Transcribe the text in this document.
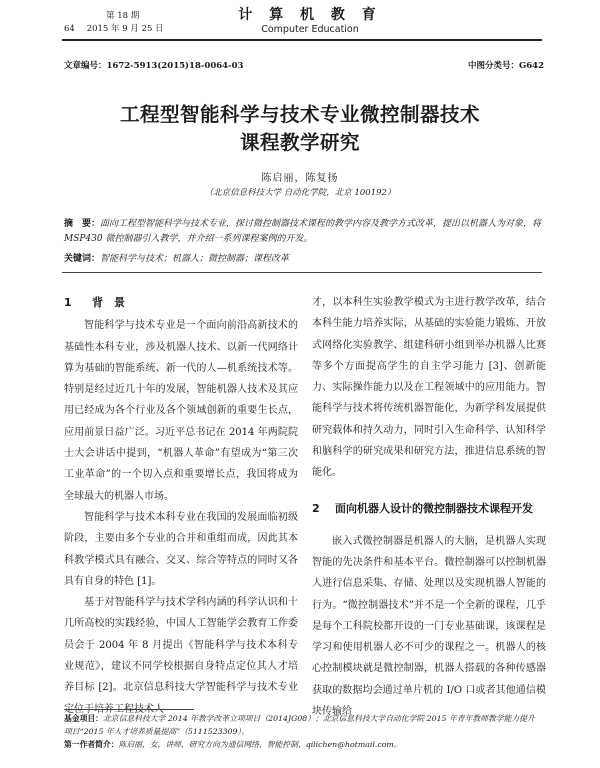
第 18 期
64 2015 年 9 月 25 日
计 算 机 教 育
Computer Education
文章编号：1672-5913(2015)18-0064-03	中图分类号：G642
工程型智能科学与技术专业微控制器技术
课程教学研究
陈启丽，陈复扬
（北京信息科技大学 自动化学院，北京 100192）
摘　要：面向工程型智能科学与技术专业，探讨微控制器技术课程的教学内容及教学方式改革，提出以机器人为对象，将 MSP430 微控制器引入教学，并介绍一系列课程案例的开发。
关键词：智能科学与技术；机器人；微控制器；课程改革
1 背　景

智能科学与技术专业是一个面向前沿高新技术的基础性本科专业，涉及机器人技术、以新一代网络计算为基础的智能系统、新一代的人—机系统技术等。特别是经过近几十年的发展，智能机器人技术及其应用已经成为各个行业及各个领域创新的重要生长点，应用前景日益广泛。习近平总书记在 2014 年两院院士大会讲话中提到，“机器人革命”有望成为“第三次工业革命”的一个切入点和重要增长点，我国将成为全球最大的机器人市场。

智能科学与技术本科专业在我国的发展面临初级阶段，主要由多个专业的合并和重组而成，因此其本科教学模式具有融合、交叉、综合等特点的同时又各具有自身的特色 [1]。

基于对智能科学与技术学科内涵的科学认识和十几所高校的实践经验，中国人工智能学会教育工作委员会于 2004 年 8 月提出《智能科学与技术本科专业规范》，建议不同学校根据自身特点定位其人才培养目标 [2]。北京信息科技大学智能科学与技术专业定位于培养工程技术人

才，以本科生实验教学模式为主进行教学改革，结合本科生能力培养实际，从基础的实验能力锻炼、开放式网络化实验教学、组建科研小组到举办机器人比赛等多个方面提高学生的自主学习能力 [3]、创新能力、实际操作能力以及在工程领域中的应用能力。智能科学与技术将传统机器智能化，为新学科发展提供研究载体和持久动力，同时引入生命科学、认知科学和脑科学的研究成果和研究方法，推进信息系统的智能化。

2 面向机器人设计的微控制器技术课程开发

嵌入式微控制器是机器人的大脑，是机器人实现智能的先决条件和基本平台。微控制器可以控制机器人进行信息采集、存储、处理以及实现机器人智能的行为。“微控制器技术”并不是一个全新的课程，几乎是每个工科院校都开设的一门专业基础课，该课程是学习和使用机器人必不可少的课程之一。机器人的核心控制模块就是微控制器，机器人搭载的各种传感器获取的数据均会通过单片机的 I/O 口或者其他通信模块传输给

基金项目：北京信息科技大学 2014 年教学改革立项项目（2014JG08）；北京信息科技大学自动化学院 2015 年青年教师教学能力提升项目“2015 年人才培养质量提高”（5111523309）。
第一作者简介：陈启丽，女，讲师，研究方向为通信网络、智能控制，qilichen@hotmail.com。
